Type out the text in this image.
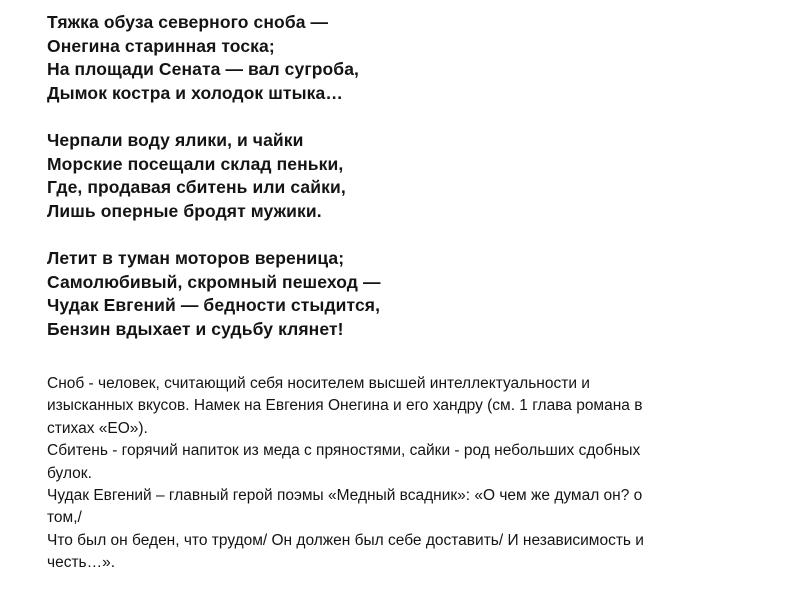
Тяжка обуза северного сноба —
Онегина старинная тоска;
На площади Сената — вал сугроба,
Дымок костра и холодок штыка…
Черпали воду ялики, и чайки
Морские посещали склад пеньки,
Где, продавая сбитень или сайки,
Лишь оперные бродят мужики.
Летит в туман моторов вереница;
Самолюбивый, скромный пешеход —
Чудак Евгений — бедности стыдится,
Бензин вдыхает и судьбу клянет!
Сноб - человек, считающий себя носителем высшей интеллектуальности и
изысканных вкусов. Намек на Евгения Онегина и его хандру (см. 1 глава романа в
стихах «ЕО»).
Сбитень - горячий напиток из меда с пряностями, сайки - род небольших сдобных
булок.
Чудак Евгений – главный герой поэмы «Медный всадник»: «О чем же думал он? о
том,/
Что был он беден, что трудом/ Он должен был себе доставить/ И независимость и
честь…».
